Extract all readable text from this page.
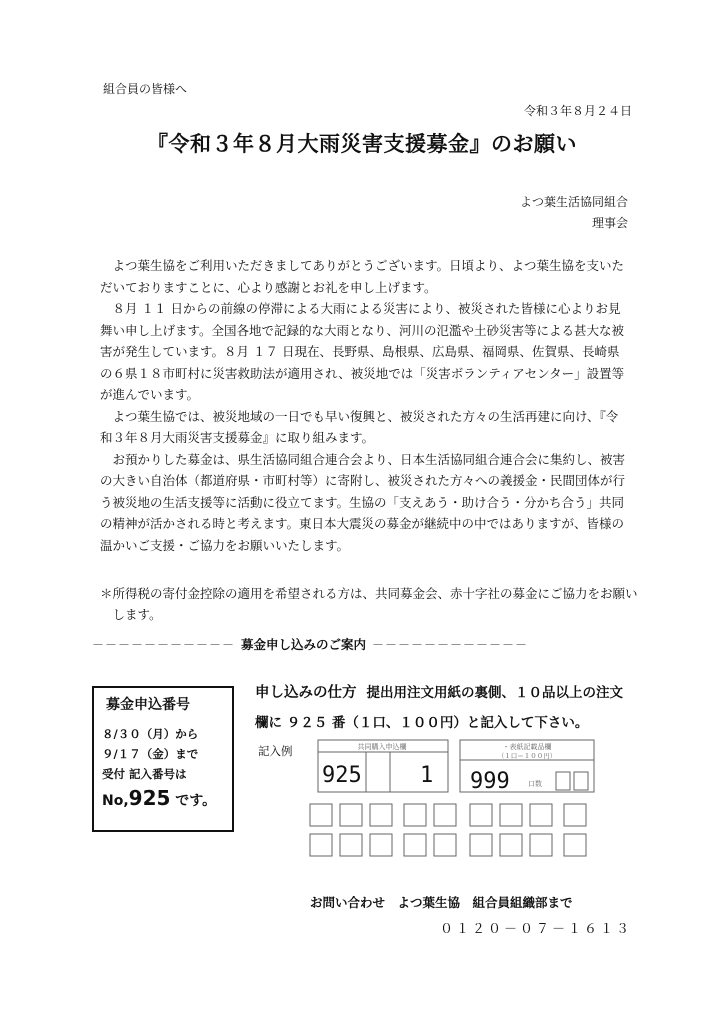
組合員の皆様へ
令和３年８月２４日
『令和３年８月大雨災害支援募金』のお願い
よつ葉生活協同組合
理事会

よつ葉生協をご利用いただきましてありがとうございます。日頃より、よつ葉生協を支いただいておりますことに、心より感謝とお礼を申し上げます。

８月 １１ 日からの前線の停滞による大雨による災害により、被災された皆様に心よりお見舞い申し上げます。全国各地で記録的な大雨となり、河川の氾濫や土砂災害等による甚大な被害が発生しています。８月 １７ 日現在、長野県、島根県、広島県、福岡県、佐賀県、長崎県の６県１８市町村に災害救助法が適用され、被災地では「災害ボランティアセンター」設置等が進んでいます。

よつ葉生協では、被災地域の一日でも早い復興と、被災された方々の生活再建に向け、『令和３年８月大雨災害支援募金』に取り組みます。

お預かりした募金は、県生活協同組合連合会より、日本生活協同組合連合会に集約し、被害の大きい自治体（都道府県・市町村等）に寄附し、被災された方々への義援金・民間団体が行う被災地の生活支援等に活動に役立てます。生協の「支えあう・助け合う・分かち合う」共同の精神が活かされる時と考えます。東日本大震災の募金が継続中の中ではありますが、皆様の温かいご支援・ご協力をお願いいたします。

＊所得税の寄付金控除の適用を希望される方は、共同募金会、赤十字社の募金にご協力をお願いします。
－－－－－－－－－－－ 募金申し込みのご案内 －－－－－－－－－－－－
募金申込番号
８/３０（月）から
９/１７（金）まで
受付 記入番号は
No,925 です。
申し込みの仕方 提出用注文用紙の裏側、１０品以上の注文欄に ９２５ 番（１口、１００円）と記入して下さい。
記入例	共同購入申込欄	・表紙記載品欄
（１口＝１００円）
925	1 999	口数
お問い合わせ　よつ葉生協　組合員組織部まで
０１２０－０７－１６１３
